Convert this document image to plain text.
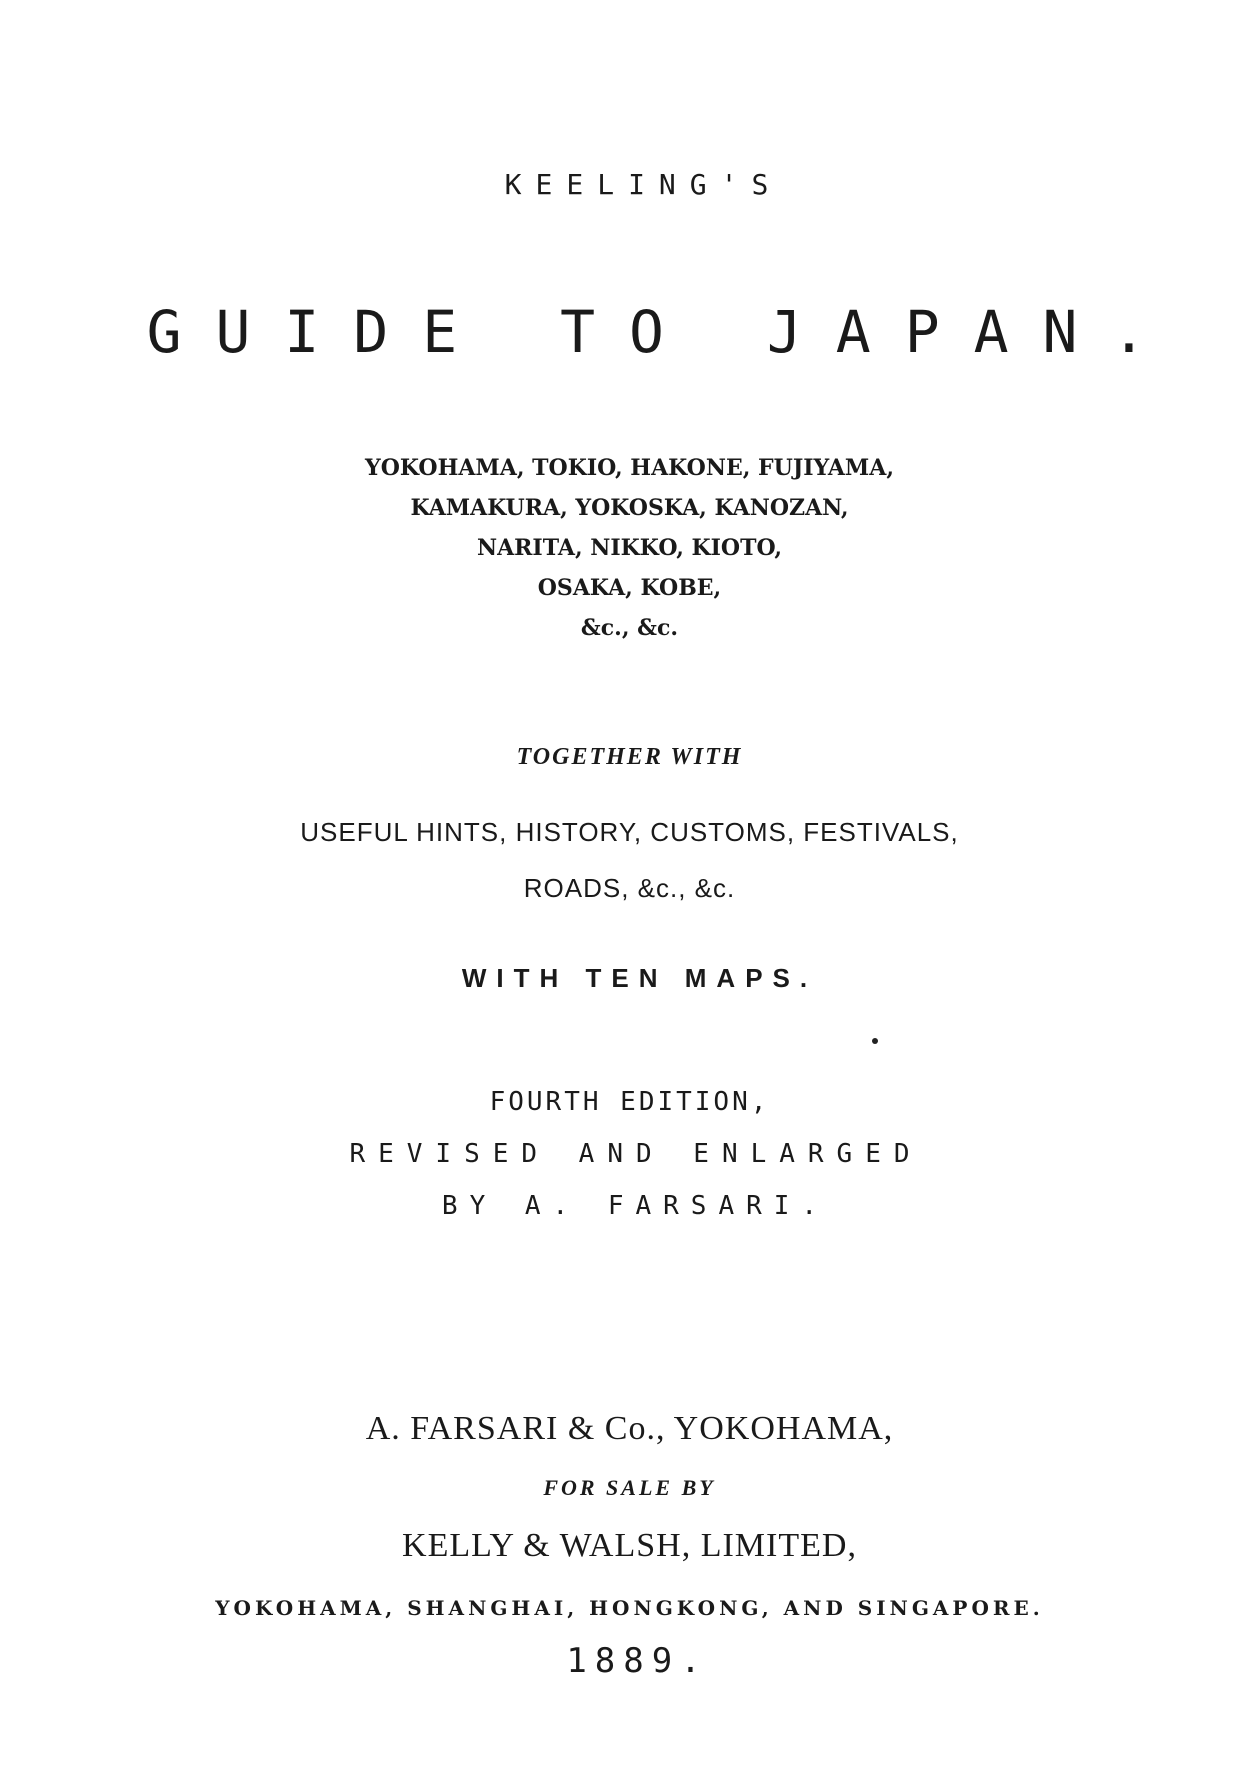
KEELING'S
GUIDE TO JAPAN.
YOKOHAMA, TOKIO, HAKONE, FUJIYAMA,
KAMAKURA, YOKOSKA, KANOZAN,
NARITA, NIKKO, KIOTO,
OSAKA, KOBE,
&c., &c.
TOGETHER WITH
USEFUL HINTS, HISTORY, CUSTOMS, FESTIVALS,
ROADS, &c., &c.
WITH TEN MAPS.
FOURTH EDITION,
REVISED AND ENLARGED
BY A. FARSARI.
A. FARSARI & Co., YOKOHAMA,
FOR SALE BY
KELLY & WALSH, LIMITED,
YOKOHAMA, SHANGHAI, HONGKONG, AND SINGAPORE.
1889.
